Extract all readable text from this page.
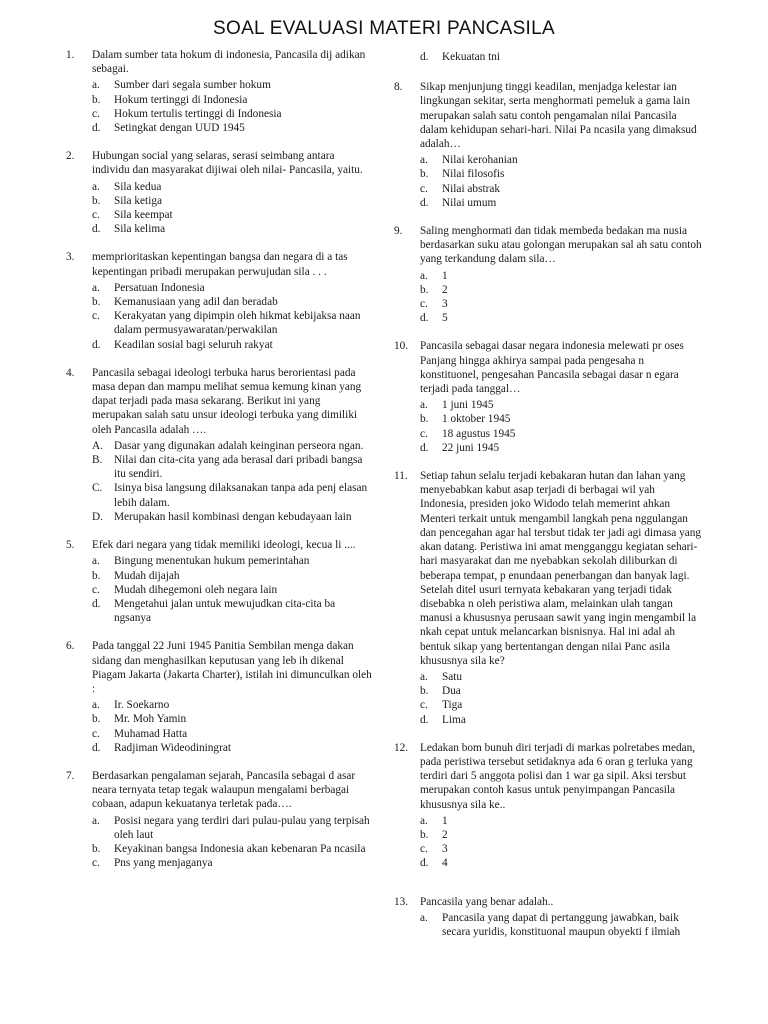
SOAL EVALUASI MATERI PANCASILA
1. Dalam sumber tata hokum di indonesia, Pancasila dij adikan sebagai.
a. Sumber dari segala sumber hokum
b. Hokum tertinggi di Indonesia
c. Hokum tertulis tertinggi di Indonesia
d. Setingkat dengan UUD 1945
2. Hubungan social yang selaras, serasi seimbang antara individu dan masyarakat dijiwai oleh nilai- Pancasila, yaitu.
a. Sila kedua
b. Sila ketiga
c. Sila keempat
d. Sila kelima
3. memprioritaskan kepentingan bangsa dan negara di a tas kepentingan pribadi merupakan perwujudan sila . . .
a. Persatuan Indonesia
b. Kemanusiaan yang adil dan beradab
c. Kerakyatan yang dipimpin oleh hikmat kebijaksa naan dalam permusyawaratan/perwakilan
d. Keadilan sosial bagi seluruh rakyat
4. Pancasila sebagai ideologi terbuka harus berorientasi pada masa depan dan mampu melihat semua kemung kinan yang dapat terjadi pada masa sekarang. Berikut ini yang merupakan salah satu unsur ideologi terbuka yang dimiliki oleh Pancasila adalah ….
A. Dasar yang digunakan adalah keinginan perseora ngan.
B. Nilai dan cita-cita yang ada berasal dari pribadi bangsa itu sendiri.
C. Isinya bisa langsung dilaksanakan tanpa ada penj elasan lebih dalam.
D. Merupakan hasil kombinasi dengan kebudayaan lain
5. Efek dari negara yang tidak memiliki ideologi, kecua li ....
a. Bingung menentukan hukum pemerintahan
b. Mudah dijajah
c. Mudah dihegemoni oleh negara lain
d. Mengetahui jalan untuk mewujudkan cita-cita ba ngsanya
6. Pada tanggal 22 Juni 1945 Panitia Sembilan menga dakan sidang dan menghasilkan keputusan yang leb ih dikenal Piagam Jakarta (Jakarta Charter), istilah ini dimunculkan oleh :
a. Ir. Soekarno
b. Mr. Moh Yamin
c. Muhamad Hatta
d. Radjiman Wideodiningrat
7. Berdasarkan pengalaman sejarah, Pancasila sebagai d asar neara ternyata tetap tegak walaupun mengalami berbagai cobaan, adapun kekuatanya terletak pada….
a. Posisi negara yang terdiri dari pulau-pulau yang terpisah oleh laut
b. Keyakinan bangsa Indonesia akan kebenaran Pa ncasila
c. Pns yang menjaganya
d. Kekuatan tni
8. Sikap menjunjung tinggi keadilan, menjadga kelestar ian lingkungan sekitar, serta menghormati pemeluk a gama lain merupakan salah satu contoh pengamalan nilai Pancasila dalam kehidupan sehari-hari. Nilai Pa ncasila yang dimaksud adalah…
a. Nilai kerohanian
b. Nilai filosofis
c. Nilai abstrak
d. Nilai umum
9. Saling menghormati dan tidak membeda bedakan ma nusia berdasarkan suku atau golongan merupakan sal ah satu contoh yang terkandung dalam sila…
a. 1
b. 2
c. 3
d. 5
10. Pancasila sebagai dasar negara indonesia melewati pr oses Panjang hingga akhirya sampai pada pengesaha n konstituonel, pengesahan Pancasila sebagai dasar n egara terjadi pada tanggal…
a. 1 juni 1945
b. 1 oktober 1945
c. 18 agustus 1945
d. 22 juni 1945
11. Setiap tahun selalu terjadi kebakaran hutan dan lahan yang menyebabkan kabut asap terjadi di berbagai wil yah Indonesia, presiden joko Widodo telah memerint ahkan Menteri terkait untuk mengambil langkah pena nggulangan dan pencegahan agar hal tersbut tidak ter jadi agi dimasa yang akan datang. Peristiwa ini amat mengganggu kegiatan sehari-hari masyarakat dan me nyebabkan sekolah diliburkan di beberapa tempat, p enundaan penerbangan dan banyak lagi. Setelah ditel usuri ternyata kebakaran yang terjadi tidak disebabka n oleh peristiwa alam, melainkan ulah tangan manusi a khususnya perusaan sawit yang ingin mengambil la nkah cepat untuk melancarkan bisnisnya. Hal ini adal ah bentuk sikap yang bertentangan dengan nilai Panc asila khususnya sila ke?
a. Satu
b. Dua
c. Tiga
d. Lima
12. Ledakan bom bunuh diri terjadi di markas polretabes medan, pada peristiwa tersebut setidaknya ada 6 oran g terluka yang terdiri dari 5 anggota polisi dan 1 war ga sipil. Aksi tersbut merupakan contoh kasus untuk penyimpangan Pancasila khususnya sila ke..
a. 1
b. 2
c. 3
d. 4
13. Pancasila yang benar adalah..
a. Pancasila yang dapat di pertanggung jawabkan, baik secara yuridis, konstituonal maupun obyekti f ilmiah
